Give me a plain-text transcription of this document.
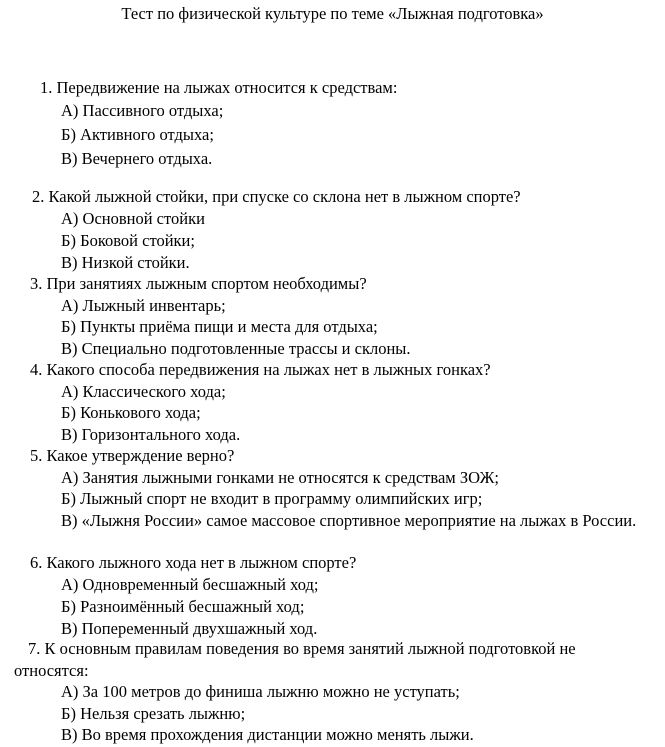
Тест по физической культуре по теме «Лыжная подготовка»
1. Передвижение на лыжах относится к средствам:
А) Пассивного отдыха;
Б) Активного отдыха;
В) Вечернего отдыха.
2. Какой лыжной стойки, при спуске со склона нет в лыжном спорте?
А) Основной стойки
Б) Боковой стойки;
В) Низкой стойки.
3. При занятиях лыжным спортом необходимы?
А) Лыжный инвентарь;
Б) Пункты приёма пищи и места для отдыха;
В) Специально подготовленные трассы и склоны.
4. Какого способа передвижения на лыжах нет в лыжных гонках?
А) Классического хода;
Б) Конькового хода;
В) Горизонтального хода.
5. Какое утверждение верно?
А) Занятия лыжными гонками не относятся к средствам ЗОЖ;
Б) Лыжный спорт не входит в программу олимпийских игр;
В) «Лыжня России» самое массовое спортивное мероприятие на лыжах в России.
6. Какого лыжного хода нет в лыжном спорте?
А) Одновременный бесшажный ход;
Б) Разноимённый бесшажный ход;
В) Попеременный двухшажный ход.
7. К основным правилам поведения во время занятий лыжной подготовкой не относятся:
А) За 100 метров до финиша лыжню можно не уступать;
Б) Нельзя срезать лыжню;
В) Во время прохождения дистанции можно менять лыжи.
